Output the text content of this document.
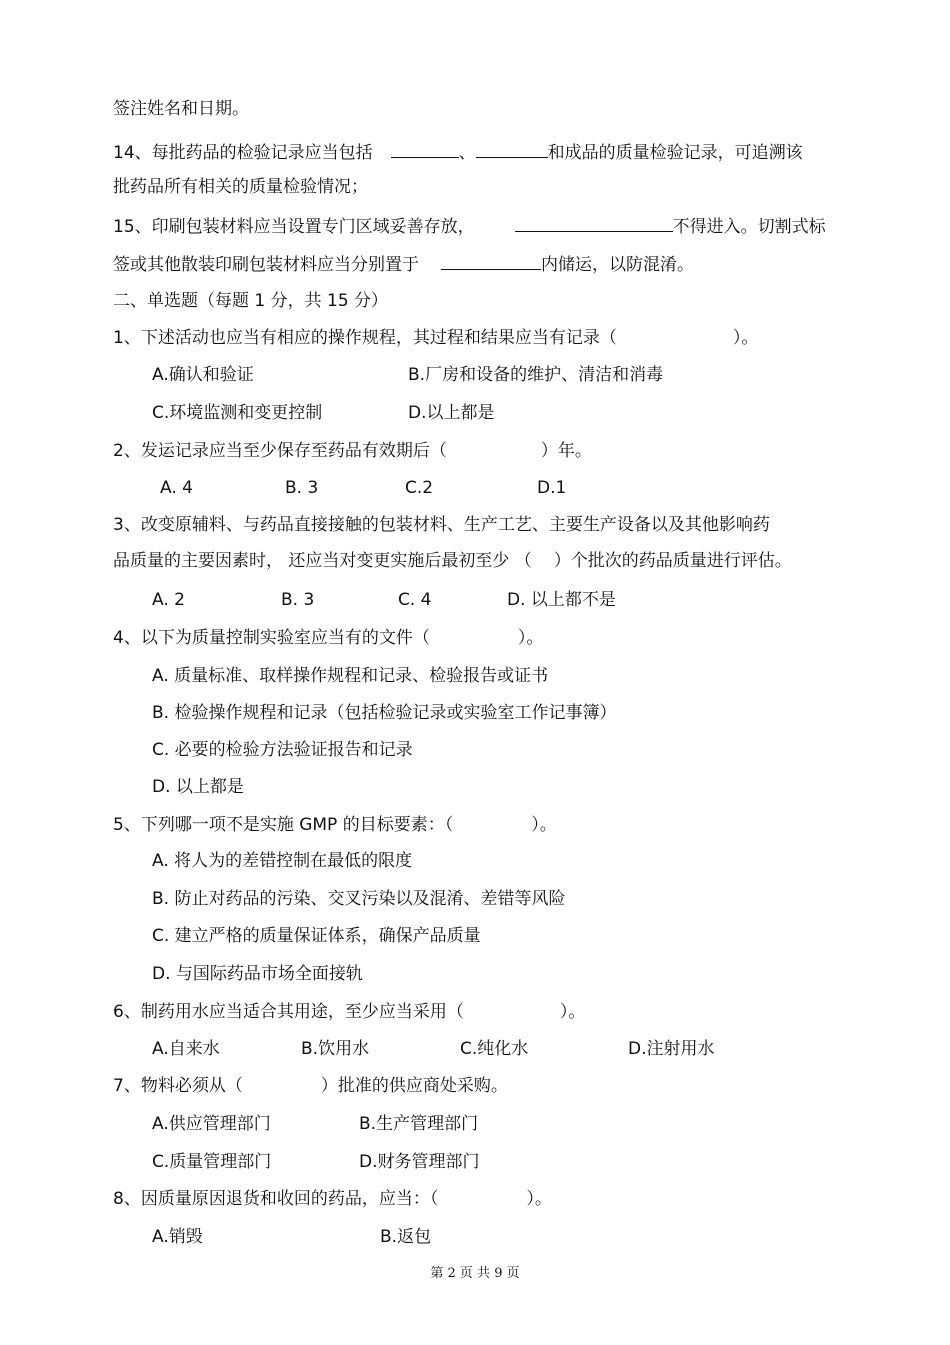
签注姓名和日期。
14、每批药品的检验记录应当包括	、	和成品的质量检验记录，可追溯该
批药品所有相关的质量检验情况；
15、印刷包装材料应当设置专门区域妥善存放，	不得进入。切割式标
签或其他散装印刷包装材料应当分别置于	内储运，以防混淆。
二、单选题（每题 1 分，共 15 分）
1、下述活动也应当有相应的操作规程，其过程和结果应当有记录（	）。
A.确认和验证	B.厂房和设备的维护、清洁和消毒
C.环境监测和变更控制	D.以上都是
2、发运记录应当至少保存至药品有效期后（	）年。
A. 4	B. 3	C.2	D.1
3、改变原辅料、与药品直接接触的包装材料、生产工艺、主要生产设备以及其他影响药
品质量的主要因素时， 还应当对变更实施后最初至少 （ ）个批次的药品质量进行评估。
A. 2	B. 3	C. 4	D. 以上都不是
4、以下为质量控制实验室应当有的文件（	）。
A. 质量标准、取样操作规程和记录、检验报告或证书
B. 检验操作规程和记录（包括检验记录或实验室工作记事簿）
C. 必要的检验方法验证报告和记录
D. 以上都是
5、下列哪一项不是实施 GMP 的目标要素：（	）。
A. 将人为的差错控制在最低的限度
B. 防止对药品的污染、交叉污染以及混淆、差错等风险
C. 建立严格的质量保证体系，确保产品质量
D. 与国际药品市场全面接轨
6、制药用水应当适合其用途，至少应当采用（	）。
A.自来水	B.饮用水	C.纯化水	D.注射用水
7、物料必须从（	）批准的供应商处采购。
A.供应管理部门	B.生产管理部门
C.质量管理部门	D.财务管理部门
8、因质量原因退货和收回的药品，应当：（	）。
A.销毁	B.返包
第 2 页 共 9 页
